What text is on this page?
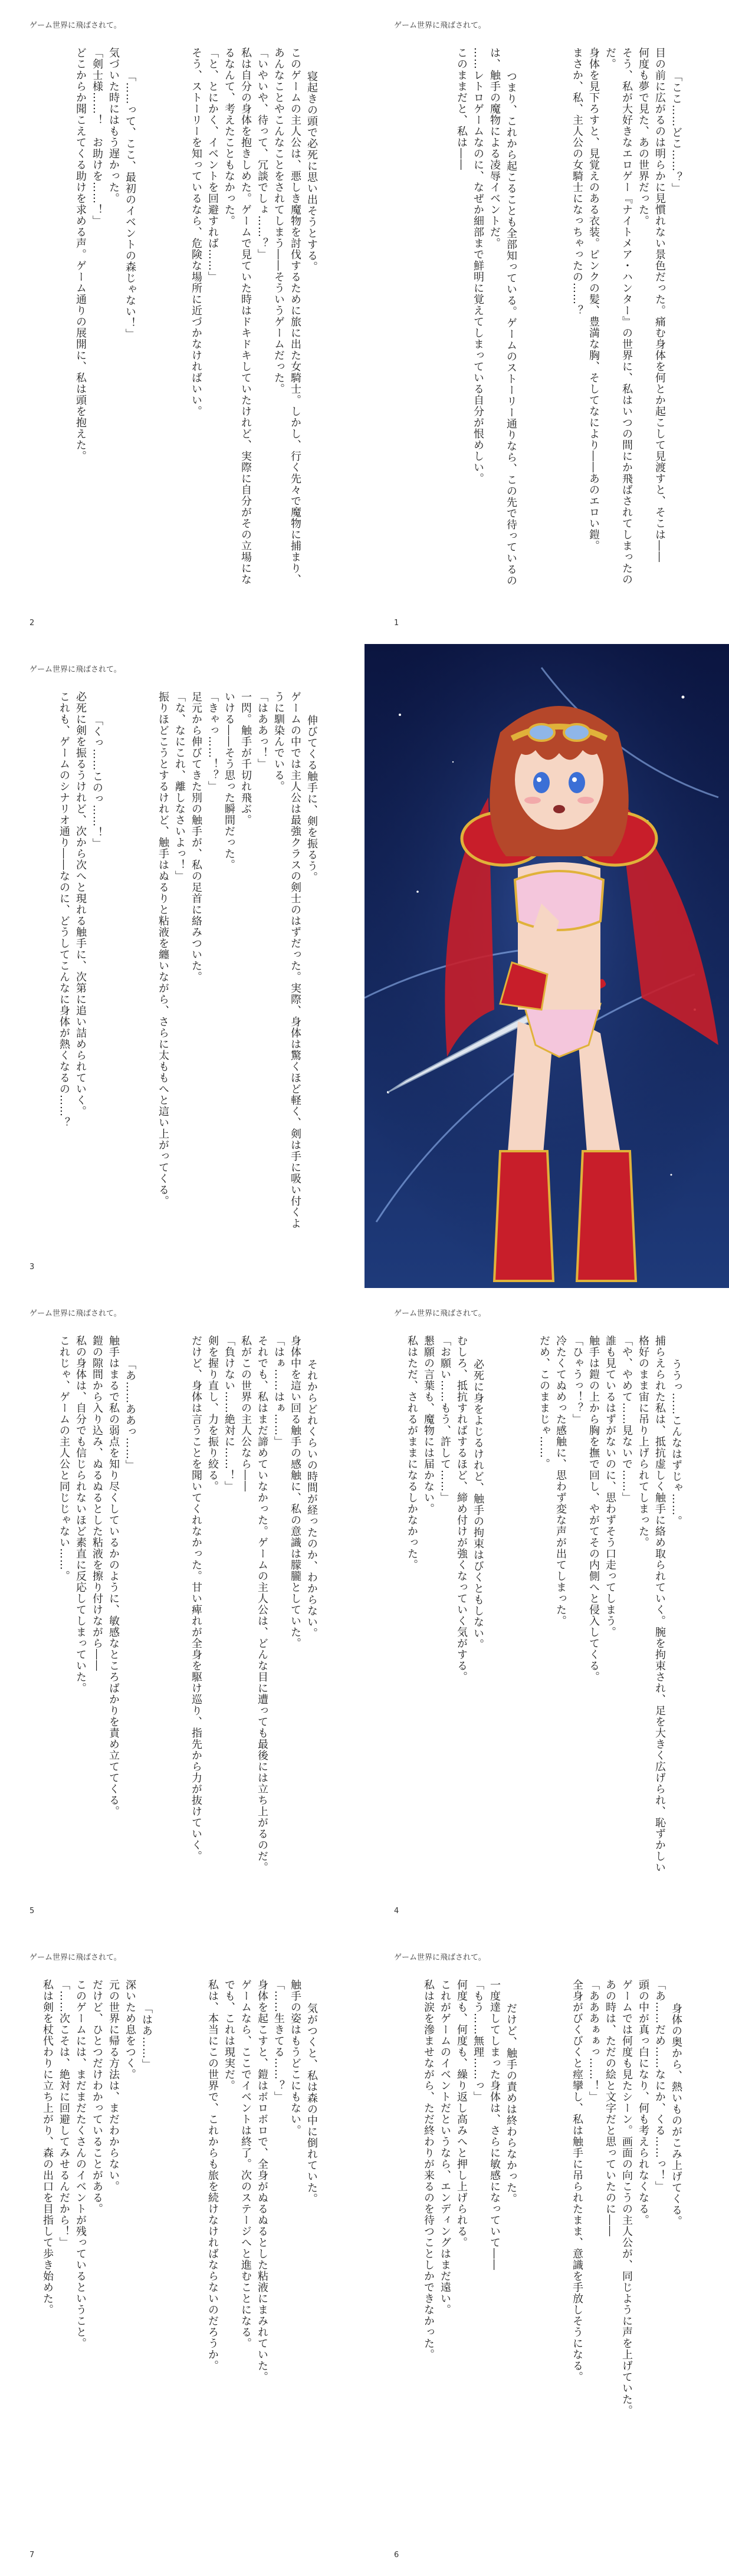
ゲーム世界に飛ばされて。

寝起きの頭で必死に思い出そうとする。
このゲームの主人公は、悪しき魔物を討伐するために旅に出た女騎士。しかし、行く先々で魔物に捕まり、あんなことやこんなことをされてしまう――そういうゲームだった。
「いやいや、待って、冗談でしょ……？」
私は自分の身体を抱きしめた。ゲームで見ていた時はドキドキしていたけれど、実際に自分がその立場になるなんて、考えたこともなかった。
「と、とにかく、イベントを回避すれば……」
そう、ストーリーを知っているなら、危険な場所に近づかなければいい。

「……って、ここ、最初のイベントの森じゃない！」
気づいた時にはもう遅かった。
「剣士様……！　お助けを……！」
どこからか聞こえてくる助けを求める声。ゲーム通りの展開に、私は頭を抱えた。

2
ゲーム世界に飛ばされて。

「ここ……どこ……？」
目の前に広がるのは明らかに見慣れない景色だった。痛む身体を何とか起こして見渡すと、そこは――
何度も夢で見た、あの世界だった。
そう、私が大好きなエロゲー『ナイトメア・ハンター』の世界に、私はいつの間にか飛ばされてしまったのだ。
身体を見下ろすと、見覚えのある衣装。ピンクの髪、豊満な胸、そしてなにより――あのエロい鎧。
まさか、私、主人公の女騎士になっちゃったの……？

つまり、これから起こることも全部知っている。ゲームのストーリー通りなら、この先で待っているのは、触手の魔物による凌辱イベントだ。
……レトロゲームなのに、なぜか細部まで鮮明に覚えてしまっている自分が恨めしい。
このままだと、私は――

1
ゲーム世界に飛ばされて。

伸びてくる触手に、剣を振るう。
ゲームの中では主人公は最強クラスの剣士のはずだった。実際、身体は驚くほど軽く、剣は手に吸い付くように馴染んでいる。
「はああっ！」
一閃。触手が千切れ飛ぶ。
いける――そう思った瞬間だった。
「きゃっ……！？」
足元から伸びてきた別の触手が、私の足首に絡みついた。
「な、なにこれ、離しなさいよっ！」
振りほどこうとするけれど、触手はぬるりと粘液を纏いながら、さらに太ももへと這い上がってくる。

「くっ……このっ……！」
必死に剣を振るうけれど、次から次へと現れる触手に、次第に追い詰められていく。
これも、ゲームのシナリオ通り――なのに、どうしてこんなに身体が熱くなるの……？

3
ゲーム世界に飛ばされて。

それからどれくらいの時間が経ったのか、わからない。
身体中を這い回る触手の感触に、私の意識は朦朧としていた。
「はぁ……はぁ……」
それでも、私はまだ諦めていなかった。ゲームの主人公は、どんな目に遭っても最後には立ち上がるのだ。
私がこの世界の主人公なら――
「負けない……絶対に……！」
剣を握り直し、力を振り絞る。
だけど、身体は言うことを聞いてくれなかった。甘い痺れが全身を駆け巡り、指先から力が抜けていく。

「あ……ああっ……」
触手はまるで私の弱点を知り尽くしているかのように、敏感なところばかりを責め立ててくる。
鎧の隙間から入り込み、ぬるぬるとした粘液を擦り付けながら――
私の身体は、自分でも信じられないほど素直に反応してしまっていた。
これじゃ、ゲームの主人公と同じじゃない……。

5
ゲーム世界に飛ばされて。

ううっ……こんなはずじゃ……。
捕らえられた私は、抵抗虚しく触手に絡め取られていく。腕を拘束され、足を大きく広げられ、恥ずかしい格好のまま宙に吊り上げられてしまった。
「や、やめて……見ないで……」
誰も見ているはずがないのに、思わずそう口走ってしまう。
触手は鎧の上から胸を撫で回し、やがてその内側へと侵入してくる。
「ひゃうっ！？」
冷たくてぬめった感触に、思わず変な声が出てしまった。
だめ、このままじゃ……。

必死に身をよじるけれど、触手の拘束はびくともしない。
むしろ、抵抗すればするほど、締め付けが強くなっていく気がする。
「お願い……もう、許して……」
懇願の言葉も、魔物には届かない。
私はただ、されるがままになるしかなかった。

4
ゲーム世界に飛ばされて。

気がつくと、私は森の中に倒れていた。
触手の姿はもうどこにもない。
「……生きてる……？」
身体を起こすと、鎧はボロボロで、全身がぬるぬるとした粘液にまみれていた。
ゲームなら、ここでイベントは終了。次のステージへと進むことになる。
でも、これは現実だ。
私は、本当にこの世界で、これからも旅を続けなければならないのだろうか。

「はあ……」
深いため息をつく。
元の世界に帰る方法は、まだわからない。
だけど、ひとつだけわかっていることがある。
このゲームには、まだまだたくさんのイベントが残っているということ。
「……次こそは、絶対に回避してみせるんだから！」
私は剣を杖代わりに立ち上がり、森の出口を目指して歩き始めた。

7
ゲーム世界に飛ばされて。

身体の奥から、熱いものがこみ上げてくる。
「あ……だめ……なにか、くる……っ！」
頭の中が真っ白になり、何も考えられなくなる。
ゲームでは何度も見たシーン。画面の向こうの主人公が、同じように声を上げていた。
あの時は、ただの絵と文字だと思っていたのに――
「あああぁぁっ……！」
全身がびくびくと痙攣し、私は触手に吊られたまま、意識を手放しそうになる。

だけど、触手の責めは終わらなかった。
一度達してしまった身体は、さらに敏感になっていて――
「もう……無理……っ」
何度も、何度も、繰り返し高みへと押し上げられる。
これがゲームのイベントだというなら、エンディングはまだ遠い。
私は涙を滲ませながら、ただ終わりが来るのを待つことしかできなかった。

6
